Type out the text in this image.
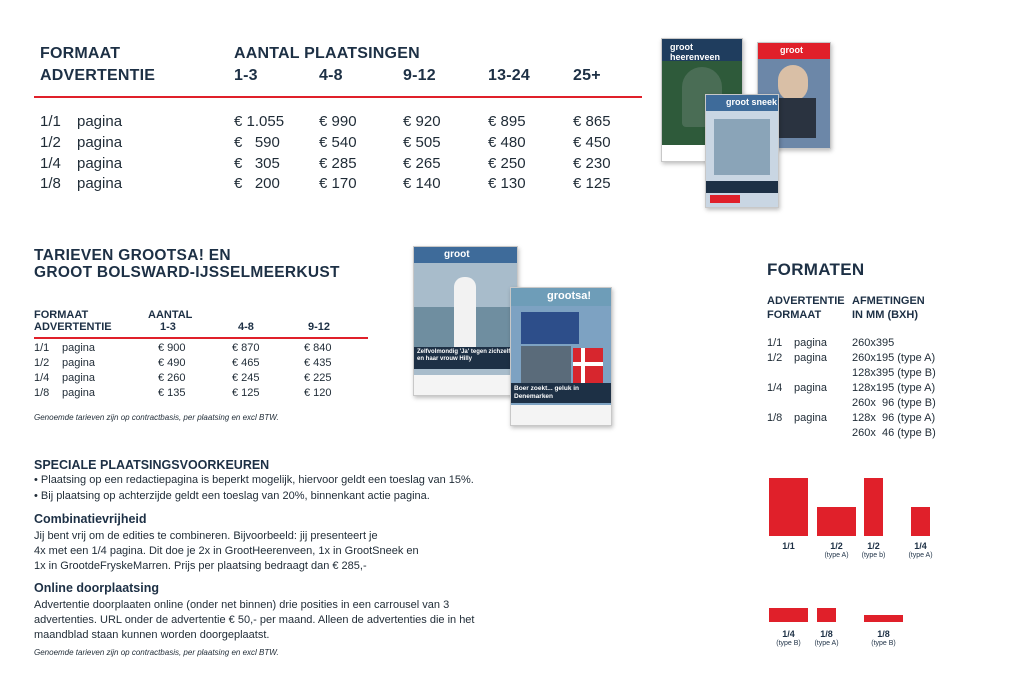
FORMAAT
ADVERTENTIE
AANTAL PLAATSINGEN
1-3	4-8	9-12	13-24	25+
1/1 pagina	€ 1.055 € 990	€ 920	€ 895	€ 865
1/2 pagina	€   590	€ 540	€ 505	€ 480	€ 450
1/4 pagina	€   305	€ 285	€ 265	€ 250	€ 230
1/8 pagina	€   200	€ 170	€ 140	€ 130	€ 125
groot heerenveen
groot
groot sneek
TARIEVEN GROOTSA! EN
GROOT BOLSWARD-IJSSELMEERKUST
FORMAAT
ADVERTENTIE
AANTAL
1-3	4-8	9-12
1/1 pagina	€ 900	€ 870	€ 840
1/2 pagina	€ 490	€ 465	€ 435
1/4 pagina	€ 260	€ 245	€ 225
1/8 pagina	€ 135	€ 125	€ 120
Genoemde tarieven zijn op contractbasis, per plaatsing en excl BTW.
groot
Zelfvolmondig 'Ja' tegen zichzelf en haar vrouw Hilly
grootsa!
Boer zoekt... geluk in Denemarken
SPECIALE PLAATSINGSVOORKEUREN
• Plaatsing op een redactiepagina is beperkt mogelijk, hiervoor geldt een toeslag van 15%.
• Bij plaatsing op achterzijde geldt een toeslag van 20%, binnenkant actie pagina.
Combinatievrijheid
Jij bent vrij om de edities te combineren. Bijvoorbeeld: jij presenteert je
4x met een 1/4 pagina. Dit doe je 2x in GrootHeerenveen, 1x in GrootSneek en
1x in GrootdeFryskeMarren. Prijs per plaatsing bedraagt dan € 285,-
Online doorplaatsing
Advertentie doorplaaten online (onder net binnen) drie posities in een carrousel van 3
advertenties. URL onder de advertentie € 50,- per maand. Alleen de advertenties die in het
maandblad staan kunnen worden doorgeplaatst.
Genoemde tarieven zijn op contractbasis, per plaatsing en excl BTW.
FORMATEN
ADVERTENTIE
FORMAAT
AFMETINGEN
IN MM (BXH)
1/1 pagina 260x395
1/2 pagina 260x195 (type A)
128x395 (type B)
1/4 pagina 128x195 (type A)
260x  96 (type B)
1/8 pagina 128x  96 (type A)
260x  46 (type B)
1/1	1/2
(type A)
1/2
(type b)
1/4
(type A)
1/4
(type B)
1/8
(type A)
1/8
(type B)
